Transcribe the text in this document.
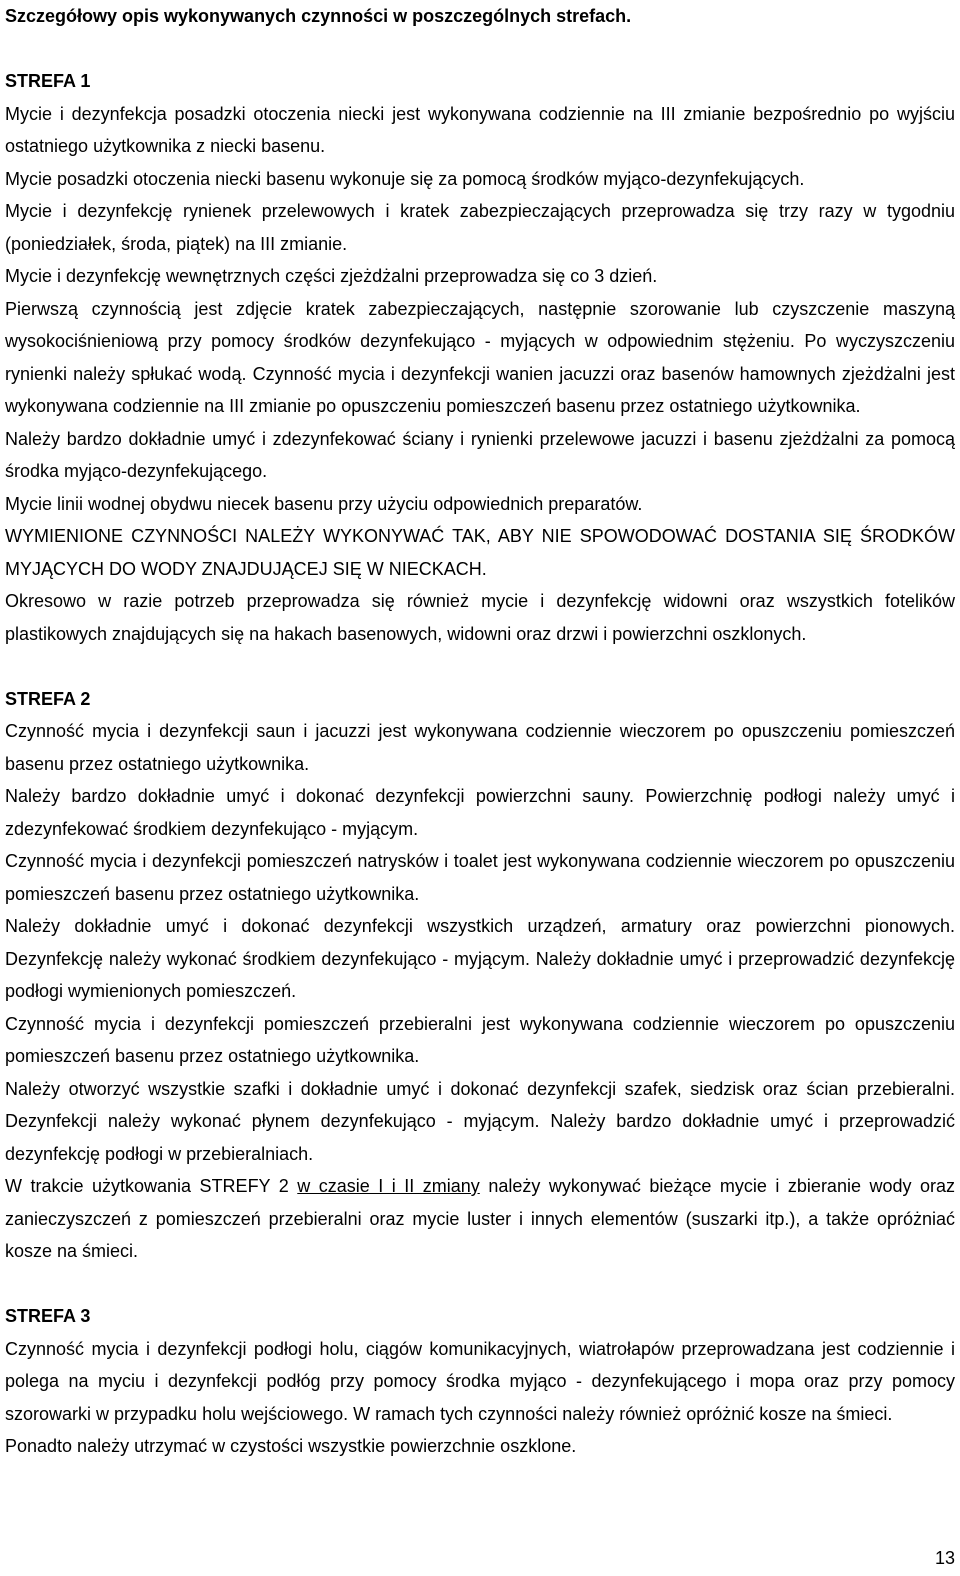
Szczegółowy opis wykonywanych czynności w poszczególnych strefach.

STREFA 1

Mycie i dezynfekcja posadzki otoczenia niecki jest wykonywana codziennie na III zmianie bezpośrednio po wyjściu ostatniego użytkownika z niecki basenu.

Mycie posadzki otoczenia niecki basenu wykonuje się za pomocą środków myjąco-dezynfekujących.

Mycie i dezynfekcję rynienek przelewowych i kratek zabezpieczających przeprowadza się trzy razy w tygodniu (poniedziałek, środa, piątek) na III zmianie.

Mycie i dezynfekcję wewnętrznych części zjeżdżalni przeprowadza się co 3 dzień.

Pierwszą czynnością jest zdjęcie kratek zabezpieczających, następnie szorowanie lub czyszczenie maszyną wysokociśnieniową przy pomocy środków dezynfekująco - myjących w odpowiednim stężeniu. Po wyczyszczeniu rynienki należy spłukać wodą. Czynność mycia i dezynfekcji wanien jacuzzi oraz basenów hamownych zjeżdżalni jest wykonywana codziennie na III zmianie po opuszczeniu pomieszczeń basenu przez ostatniego użytkownika.

Należy bardzo dokładnie umyć i zdezynfekować ściany i rynienki przelewowe jacuzzi i basenu zjeżdżalni za pomocą środka myjąco-dezynfekującego.

Mycie linii wodnej obydwu niecek basenu przy użyciu odpowiednich preparatów.

WYMIENIONE CZYNNOŚCI NALEŻY WYKONYWAĆ TAK, ABY NIE SPOWODOWAĆ DOSTANIA SIĘ ŚRODKÓW MYJĄCYCH DO WODY ZNAJDUJĄCEJ SIĘ W NIECKACH.

Okresowo w razie potrzeb przeprowadza się również mycie i dezynfekcję widowni oraz wszystkich fotelików plastikowych znajdujących się na hakach basenowych, widowni oraz drzwi i powierzchni oszklonych.

STREFA 2

Czynność mycia i dezynfekcji saun i jacuzzi jest wykonywana codziennie wieczorem po opuszczeniu pomieszczeń basenu przez ostatniego użytkownika.

Należy bardzo dokładnie umyć i dokonać dezynfekcji powierzchni sauny. Powierzchnię podłogi należy umyć i zdezynfekować środkiem dezynfekująco - myjącym.

Czynność mycia i dezynfekcji pomieszczeń natrysków i toalet jest wykonywana codziennie wieczorem po opuszczeniu pomieszczeń basenu przez ostatniego użytkownika.

Należy dokładnie umyć i dokonać dezynfekcji wszystkich urządzeń, armatury oraz powierzchni pionowych. Dezynfekcję należy wykonać środkiem dezynfekująco - myjącym. Należy dokładnie umyć i przeprowadzić dezynfekcję podłogi wymienionych pomieszczeń.

Czynność mycia i dezynfekcji pomieszczeń przebieralni jest wykonywana codziennie wieczorem po opuszczeniu pomieszczeń basenu przez ostatniego użytkownika.

Należy otworzyć wszystkie szafki i dokładnie umyć i dokonać dezynfekcji szafek, siedzisk oraz ścian przebieralni. Dezynfekcji należy wykonać płynem dezynfekująco - myjącym. Należy bardzo dokładnie umyć i przeprowadzić dezynfekcję podłogi w przebieralniach.

W trakcie użytkowania STREFY 2 w czasie I i II zmiany należy wykonywać bieżące mycie i zbieranie wody oraz zanieczyszczeń z pomieszczeń przebieralni oraz mycie luster i innych elementów (suszarki itp.), a także opróżniać kosze na śmieci.

STREFA 3

Czynność mycia i dezynfekcji podłogi holu, ciągów komunikacyjnych, wiatrołapów przeprowadzana jest codziennie i polega na myciu i dezynfekcji podłóg przy pomocy środka myjąco - dezynfekującego i mopa oraz przy pomocy szorowarki w przypadku holu wejściowego. W ramach tych czynności należy również opróżnić kosze na śmieci.

Ponadto należy utrzymać w czystości wszystkie powierzchnie oszklone.

13
